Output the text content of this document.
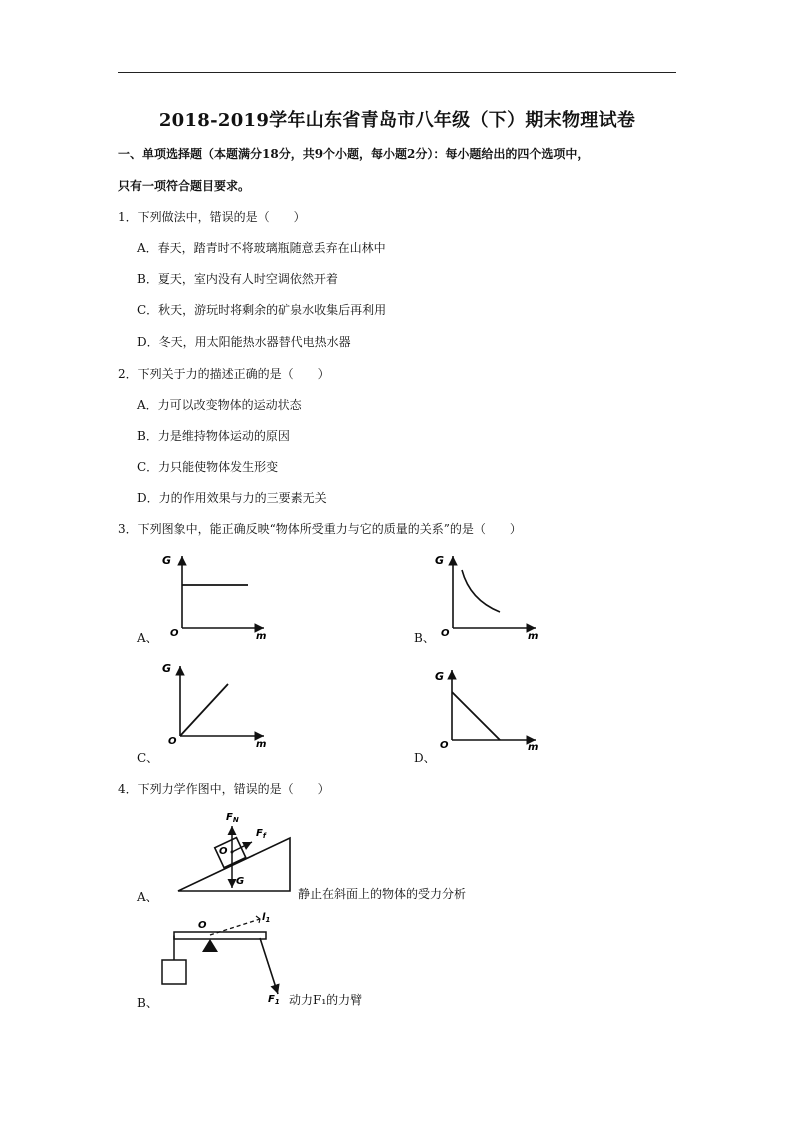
2018-2019学年山东省青岛市八年级（下）期末物理试卷
一、单项选择题（本题满分18分，共9个小题，每小题2分）：每小题给出的四个选项中，
只有一项符合题目要求。
1．下列做法中，错误的是（　　）
A．春天，踏青时不将玻璃瓶随意丢弃在山林中
B．夏天，室内没有人时空调依然开着
C．秋天，游玩时将剩余的矿泉水收集后再利用
D．冬天，用太阳能热水器替代电热水器
2．下列关于力的描述正确的是（　　）
A．力可以改变物体的运动状态
B．力是维持物体运动的原因
C．力只能使物体发生形变
D．力的作用效果与力的三要素无关
3．下列图象中，能正确反映“物体所受重力与它的质量的关系”的是（　　）
A、
G
O	m	B、
G
O	m
C、
G
O	m
D、
G
O	m
4．下列力学作图中，错误的是（　　）
A、
$F_N$
$F_f$
O
G
静止在斜面上的物体的受力分析
B、
O
$l_1$
$F_1$ 动力F₁的力臂
